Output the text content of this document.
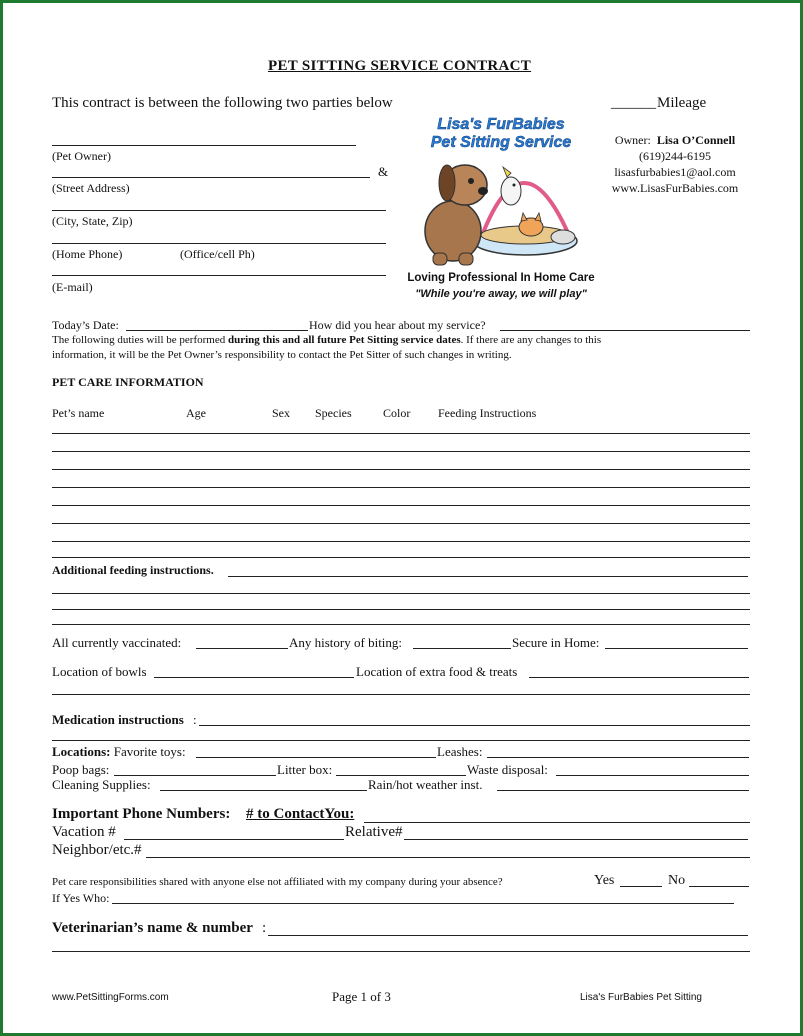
PET SITTING SERVICE CONTRACT
This contract is between the following two parties below	______ Mileage
(Pet Owner)
&
(Street Address)
(City, State, Zip)
(Home Phone)	(Office/cell Ph)
(E-mail)
Lisa's FurBabies
Pet Sitting Service
Loving Professional In Home Care
"While you're away, we will play"
Owner: Lisa O’Connell
(619)244-6195
lisasfurbabies1@aol.com
www.LisasFurBabies.com
Today’s Date:	How did you hear about my service?
The following duties will be performed during this and all future Pet Sitting service dates. If there are any changes to this
information, it will be the Pet Owner’s responsibility to contact the Pet Sitter of such changes in writing.
PET CARE INFORMATION
Pet’s name	Age	Sex Species	Color Feeding Instructions
Additional feeding instructions.
All currently vaccinated:	Any history of biting:	Secure in Home:
Location of bowls	Location of extra food & treats
Medication instructions :
Locations: Favorite toys:	Leashes:
Poop bags:	Litter box:	Waste disposal:
Cleaning Supplies:	Rain/hot weather inst.
Important Phone Numbers: # to ContactYou:
Vacation #	Relative#
Neighbor/etc.#
Pet care responsibilities shared with anyone else not affiliated with my company during your absence?	Yes	No
If Yes Who:
Veterinarian’s name & number :
www.PetSittingForms.com	Page 1 of 3	Lisa's FurBabies Pet Sitting
